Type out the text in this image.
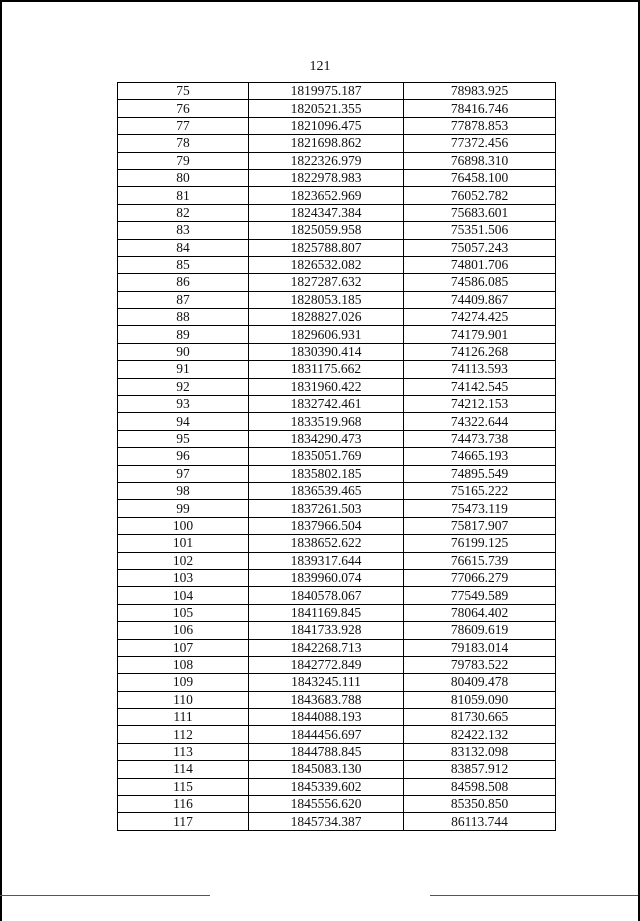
121
75	1819975.187	78983.925
76	1820521.355	78416.746
77	1821096.475	77878.853
78	1821698.862	77372.456
79	1822326.979	76898.310
80	1822978.983	76458.100
81	1823652.969	76052.782
82	1824347.384	75683.601
83	1825059.958	75351.506
84	1825788.807	75057.243
85	1826532.082	74801.706
86	1827287.632	74586.085
87	1828053.185	74409.867
88	1828827.026	74274.425
89	1829606.931	74179.901
90	1830390.414	74126.268
91	1831175.662	74113.593
92	1831960.422	74142.545
93	1832742.461	74212.153
94	1833519.968	74322.644
95	1834290.473	74473.738
96	1835051.769	74665.193
97	1835802.185	74895.549
98	1836539.465	75165.222
99	1837261.503	75473.119
100	1837966.504	75817.907
101	1838652.622	76199.125
102	1839317.644	76615.739
103	1839960.074	77066.279
104	1840578.067	77549.589
105	1841169.845	78064.402
106	1841733.928	78609.619
107	1842268.713	79183.014
108	1842772.849	79783.522
109	1843245.111	80409.478
110	1843683.788	81059.090
111	1844088.193	81730.665
112	1844456.697	82422.132
113	1844788.845	83132.098
114	1845083.130	83857.912
115	1845339.602	84598.508
116	1845556.620	85350.850
117	1845734.387	86113.744
